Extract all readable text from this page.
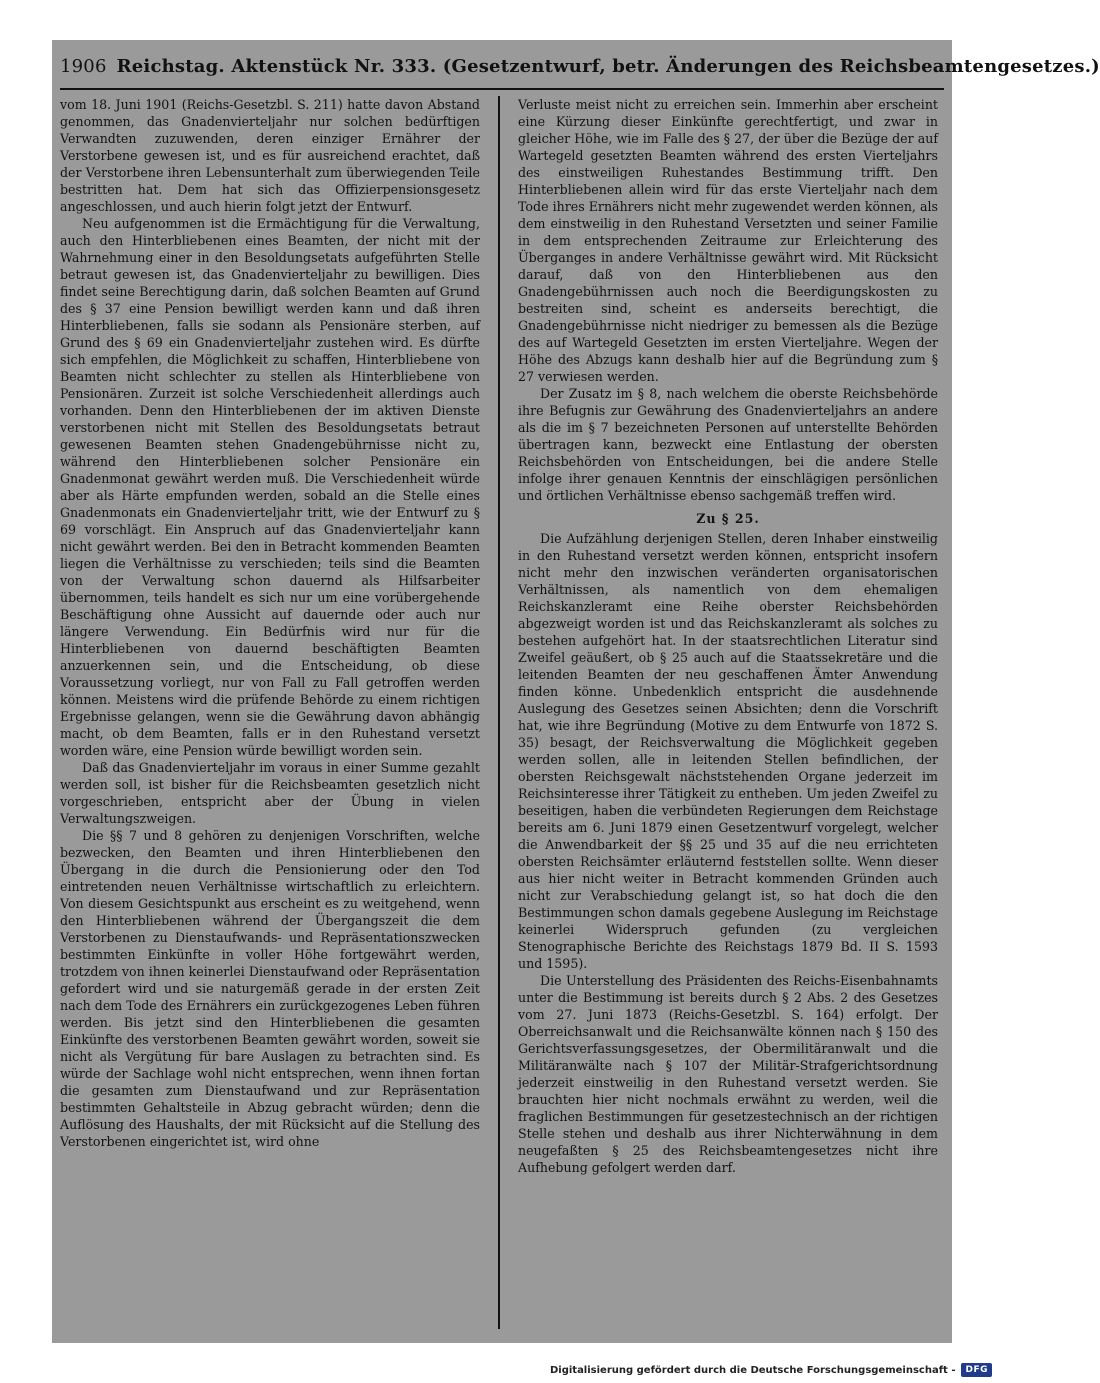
1906 Reichstag. Aktenstück Nr. 333. (Gesetzentwurf, betr. Änderungen des Reichsbeamtengesetzes.)

vom 18. Juni 1901 (Reichs-Gesetzbl. S. 211) hatte davon Abstand genommen, das Gnadenvierteljahr nur solchen bedürftigen Verwandten zuzuwenden, deren einziger Ernährer der Verstorbene gewesen ist, und es für ausreichend erachtet, daß der Verstorbene ihren Lebensunterhalt zum überwiegenden Teile bestritten hat. Dem hat sich das Offizierpensionsgesetz angeschlossen, und auch hierin folgt jetzt der Entwurf.

Neu aufgenommen ist die Ermächtigung für die Verwaltung, auch den Hinterbliebenen eines Beamten, der nicht mit der Wahrnehmung einer in den Besoldungsetats aufgeführten Stelle betraut gewesen ist, das Gnadenvierteljahr zu bewilligen. Dies findet seine Berechtigung darin, daß solchen Beamten auf Grund des § 37 eine Pension bewilligt werden kann und daß ihren Hinterbliebenen, falls sie sodann als Pensionäre sterben, auf Grund des § 69 ein Gnadenvierteljahr zustehen wird. Es dürfte sich empfehlen, die Möglichkeit zu schaffen, Hinterbliebene von Beamten nicht schlechter zu stellen als Hinterbliebene von Pensionären. Zurzeit ist solche Verschiedenheit allerdings auch vorhanden. Denn den Hinterbliebenen der im aktiven Dienste verstorbenen nicht mit Stellen des Besoldungsetats betraut gewesenen Beamten stehen Gnadengebührnisse nicht zu, während den Hinterbliebenen solcher Pensionäre ein Gnadenmonat gewährt werden muß. Die Verschiedenheit würde aber als Härte empfunden werden, sobald an die Stelle eines Gnadenmonats ein Gnadenvierteljahr tritt, wie der Entwurf zu § 69 vorschlägt. Ein Anspruch auf das Gnadenvierteljahr kann nicht gewährt werden. Bei den in Betracht kommenden Beamten liegen die Verhältnisse zu verschieden; teils sind die Beamten von der Verwaltung schon dauernd als Hilfsarbeiter übernommen, teils handelt es sich nur um eine vorübergehende Beschäftigung ohne Aussicht auf dauernde oder auch nur längere Verwendung. Ein Bedürfnis wird nur für die Hinterbliebenen von dauernd beschäftigten Beamten anzuerkennen sein, und die Entscheidung, ob diese Voraussetzung vorliegt, nur von Fall zu Fall getroffen werden können. Meistens wird die prüfende Behörde zu einem richtigen Ergebnisse gelangen, wenn sie die Gewährung davon abhängig macht, ob dem Beamten, falls er in den Ruhestand versetzt worden wäre, eine Pension würde bewilligt worden sein.

Daß das Gnadenvierteljahr im voraus in einer Summe gezahlt werden soll, ist bisher für die Reichsbeamten gesetzlich nicht vorgeschrieben, entspricht aber der Übung in vielen Verwaltungszweigen.

Die §§ 7 und 8 gehören zu denjenigen Vorschriften, welche bezwecken, den Beamten und ihren Hinterbliebenen den Übergang in die durch die Pensionierung oder den Tod eintretenden neuen Verhältnisse wirtschaftlich zu erleichtern. Von diesem Gesichtspunkt aus erscheint es zu weitgehend, wenn den Hinterbliebenen während der Übergangszeit die dem Verstorbenen zu Dienstaufwands- und Repräsentationszwecken bestimmten Einkünfte in voller Höhe fortgewährt werden, trotzdem von ihnen keinerlei Dienstaufwand oder Repräsentation gefordert wird und sie naturgemäß gerade in der ersten Zeit nach dem Tode des Ernährers ein zurückgezogenes Leben führen werden. Bis jetzt sind den Hinterbliebenen die gesamten Einkünfte des verstorbenen Beamten gewährt worden, soweit sie nicht als Vergütung für bare Auslagen zu betrachten sind. Es würde der Sachlage wohl nicht entsprechen, wenn ihnen fortan die gesamten zum Dienstaufwand und zur Repräsentation bestimmten Gehaltsteile in Abzug gebracht würden; denn die Auflösung des Haushalts, der mit Rücksicht auf die Stellung des Verstorbenen eingerichtet ist, wird ohne

Verluste meist nicht zu erreichen sein. Immerhin aber erscheint eine Kürzung dieser Einkünfte gerechtfertigt, und zwar in gleicher Höhe, wie im Falle des § 27, der über die Bezüge der auf Wartegeld gesetzten Beamten während des ersten Vierteljahrs des einstweiligen Ruhestandes Bestimmung trifft. Den Hinterbliebenen allein wird für das erste Vierteljahr nach dem Tode ihres Ernährers nicht mehr zugewendet werden können, als dem einstweilig in den Ruhestand Versetzten und seiner Familie in dem entsprechenden Zeitraume zur Erleichterung des Überganges in andere Verhältnisse gewährt wird. Mit Rücksicht darauf, daß von den Hinterbliebenen aus den Gnadengebührnissen auch noch die Beerdigungskosten zu bestreiten sind, scheint es anderseits berechtigt, die Gnadengebührnisse nicht niedriger zu bemessen als die Bezüge des auf Wartegeld Gesetzten im ersten Vierteljahre. Wegen der Höhe des Abzugs kann deshalb hier auf die Begründung zum § 27 verwiesen werden.

Der Zusatz im § 8, nach welchem die oberste Reichsbehörde ihre Befugnis zur Gewährung des Gnadenvierteljahrs an andere als die im § 7 bezeichneten Personen auf unterstellte Behörden übertragen kann, bezweckt eine Entlastung der obersten Reichsbehörden von Entscheidungen, bei die andere Stelle infolge ihrer genauen Kenntnis der einschlägigen persönlichen und örtlichen Verhältnisse ebenso sachgemäß treffen wird.

Zu § 25.

Die Aufzählung derjenigen Stellen, deren Inhaber einstweilig in den Ruhestand versetzt werden können, entspricht insofern nicht mehr den inzwischen veränderten organisatorischen Verhältnissen, als namentlich von dem ehemaligen Reichskanzleramt eine Reihe oberster Reichsbehörden abgezweigt worden ist und das Reichskanzleramt als solches zu bestehen aufgehört hat. In der staatsrechtlichen Literatur sind Zweifel geäußert, ob § 25 auch auf die Staatssekretäre und die leitenden Beamten der neu geschaffenen Ämter Anwendung finden könne. Unbedenklich entspricht die ausdehnende Auslegung des Gesetzes seinen Absichten; denn die Vorschrift hat, wie ihre Begründung (Motive zu dem Entwurfe von 1872 S. 35) besagt, der Reichsverwaltung die Möglichkeit gegeben werden sollen, alle in leitenden Stellen befindlichen, der obersten Reichsgewalt nächststehenden Organe jederzeit im Reichsinteresse ihrer Tätigkeit zu entheben. Um jeden Zweifel zu beseitigen, haben die verbündeten Regierungen dem Reichstage bereits am 6. Juni 1879 einen Gesetzentwurf vorgelegt, welcher die Anwendbarkeit der §§ 25 und 35 auf die neu errichteten obersten Reichsämter erläuternd feststellen sollte. Wenn dieser aus hier nicht weiter in Betracht kommenden Gründen auch nicht zur Verabschiedung gelangt ist, so hat doch die den Bestimmungen schon damals gegebene Auslegung im Reichstage keinerlei Widerspruch gefunden (zu vergleichen Stenographische Berichte des Reichstags 1879 Bd. II S. 1593 und 1595).

Die Unterstellung des Präsidenten des Reichs-Eisenbahnamts unter die Bestimmung ist bereits durch § 2 Abs. 2 des Gesetzes vom 27. Juni 1873 (Reichs-Gesetzbl. S. 164) erfolgt. Der Oberreichsanwalt und die Reichsanwälte können nach § 150 des Gerichtsverfassungsgesetzes, der Obermilitäranwalt und die Militäranwälte nach § 107 der Militär-Strafgerichtsordnung jederzeit einstweilig in den Ruhestand versetzt werden. Sie brauchten hier nicht nochmals erwähnt zu werden, weil die fraglichen Bestimmungen für gesetzestechnisch an der richtigen Stelle stehen und deshalb aus ihrer Nichterwähnung in dem neugefaßten § 25 des Reichsbeamtengesetzes nicht ihre Aufhebung gefolgert werden darf.

Digitalisierung gefördert durch die Deutsche Forschungsgemeinschaft -	DFG
